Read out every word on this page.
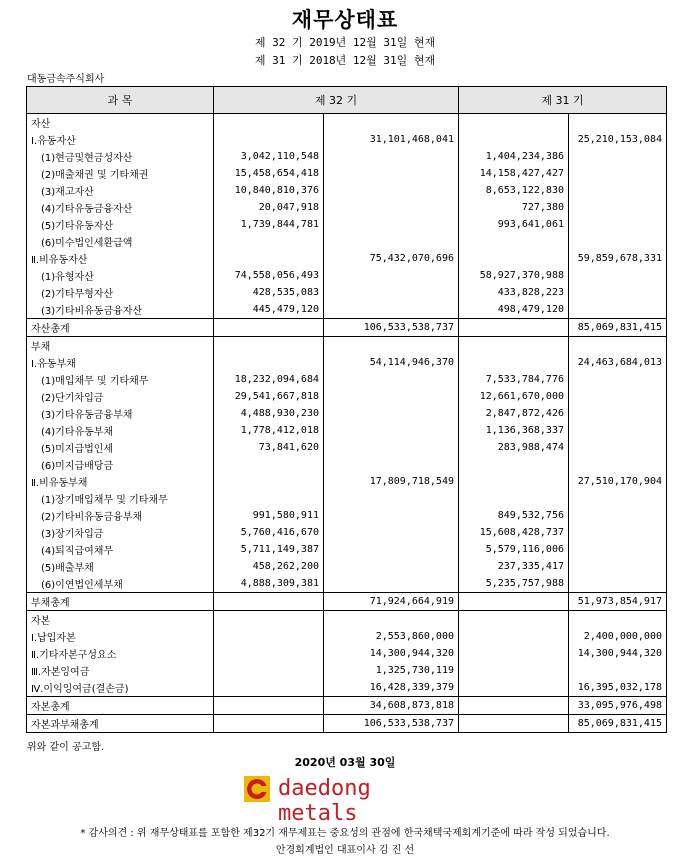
재무상태표
제 32 기 2019년 12월 31일 현재
제 31 기 2018년 12월 31일 현재
대동금속주식회사
과 목	제 32 기		제 31 기	
자산				
Ⅰ.유동자산		31,101,468,041		25,210,153,084
(1)현금및현금성자산	3,042,110,548		1,404,234,386	
(2)매출채권 및 기타채권	15,458,654,418		14,158,427,427	
(3)재고자산	10,840,810,376		8,653,122,830	
(4)기타유동금융자산	20,047,918		727,380	
(5)기타유동자산	1,739,844,781		993,641,061	
(6)미수법인세환급액				
Ⅱ.비유동자산		75,432,070,696		59,859,678,331
(1)유형자산	74,558,056,493		58,927,370,988	
(2)기타무형자산	428,535,083		433,828,223	
(3)기타비유동금융자산	445,479,120		498,479,120	
자산총계		106,533,538,737		85,069,831,415
부채				
Ⅰ.유동부채		54,114,946,370		24,463,684,013
(1)매입채무 및 기타채무	18,232,094,684		7,533,784,776	
(2)단기차입금	29,541,667,818		12,661,670,000	
(3)기타유동금융부채	4,488,930,230		2,847,872,426	
(4)기타유동부채	1,778,412,018		1,136,368,337	
(5)미지급법인세	73,841,620		283,988,474	
(6)미지급배당금				
Ⅱ.비유동부채		17,809,718,549		27,510,170,904
(1)장기매입채무 및 기타채무				
(2)기타비유동금융부채	991,580,911		849,532,756	
(3)장기차입금	5,760,416,670		15,608,428,737	
(4)퇴직급여채무	5,711,149,387		5,579,116,006	
(5)배출부채	458,262,200		237,335,417	
(6)이연법인세부채	4,888,309,381		5,235,757,988	
부채총계		71,924,664,919		51,973,854,917
자본				
Ⅰ.납입자본		2,553,860,000		2,400,000,000
Ⅱ.기타자본구성요소		14,300,944,320		14,300,944,320
Ⅲ.자본잉여금		1,325,730,119		
Ⅳ.이익잉여금(결손금)		16,428,339,379		16,395,032,178
자본총계		34,608,873,818		33,095,976,498
자본과부채총계		106,533,538,737		85,069,831,415
위와 같이 공고함.
2020년 03월 30일
daedong metals
* 감사의견 : 위 재무상태표를 포함한 제32기 재무제표는 중요성의 관점에 한국채택국제회계기준에 따라 작성 되었습니다.
안경회계법인 대표이사 김 진 선
